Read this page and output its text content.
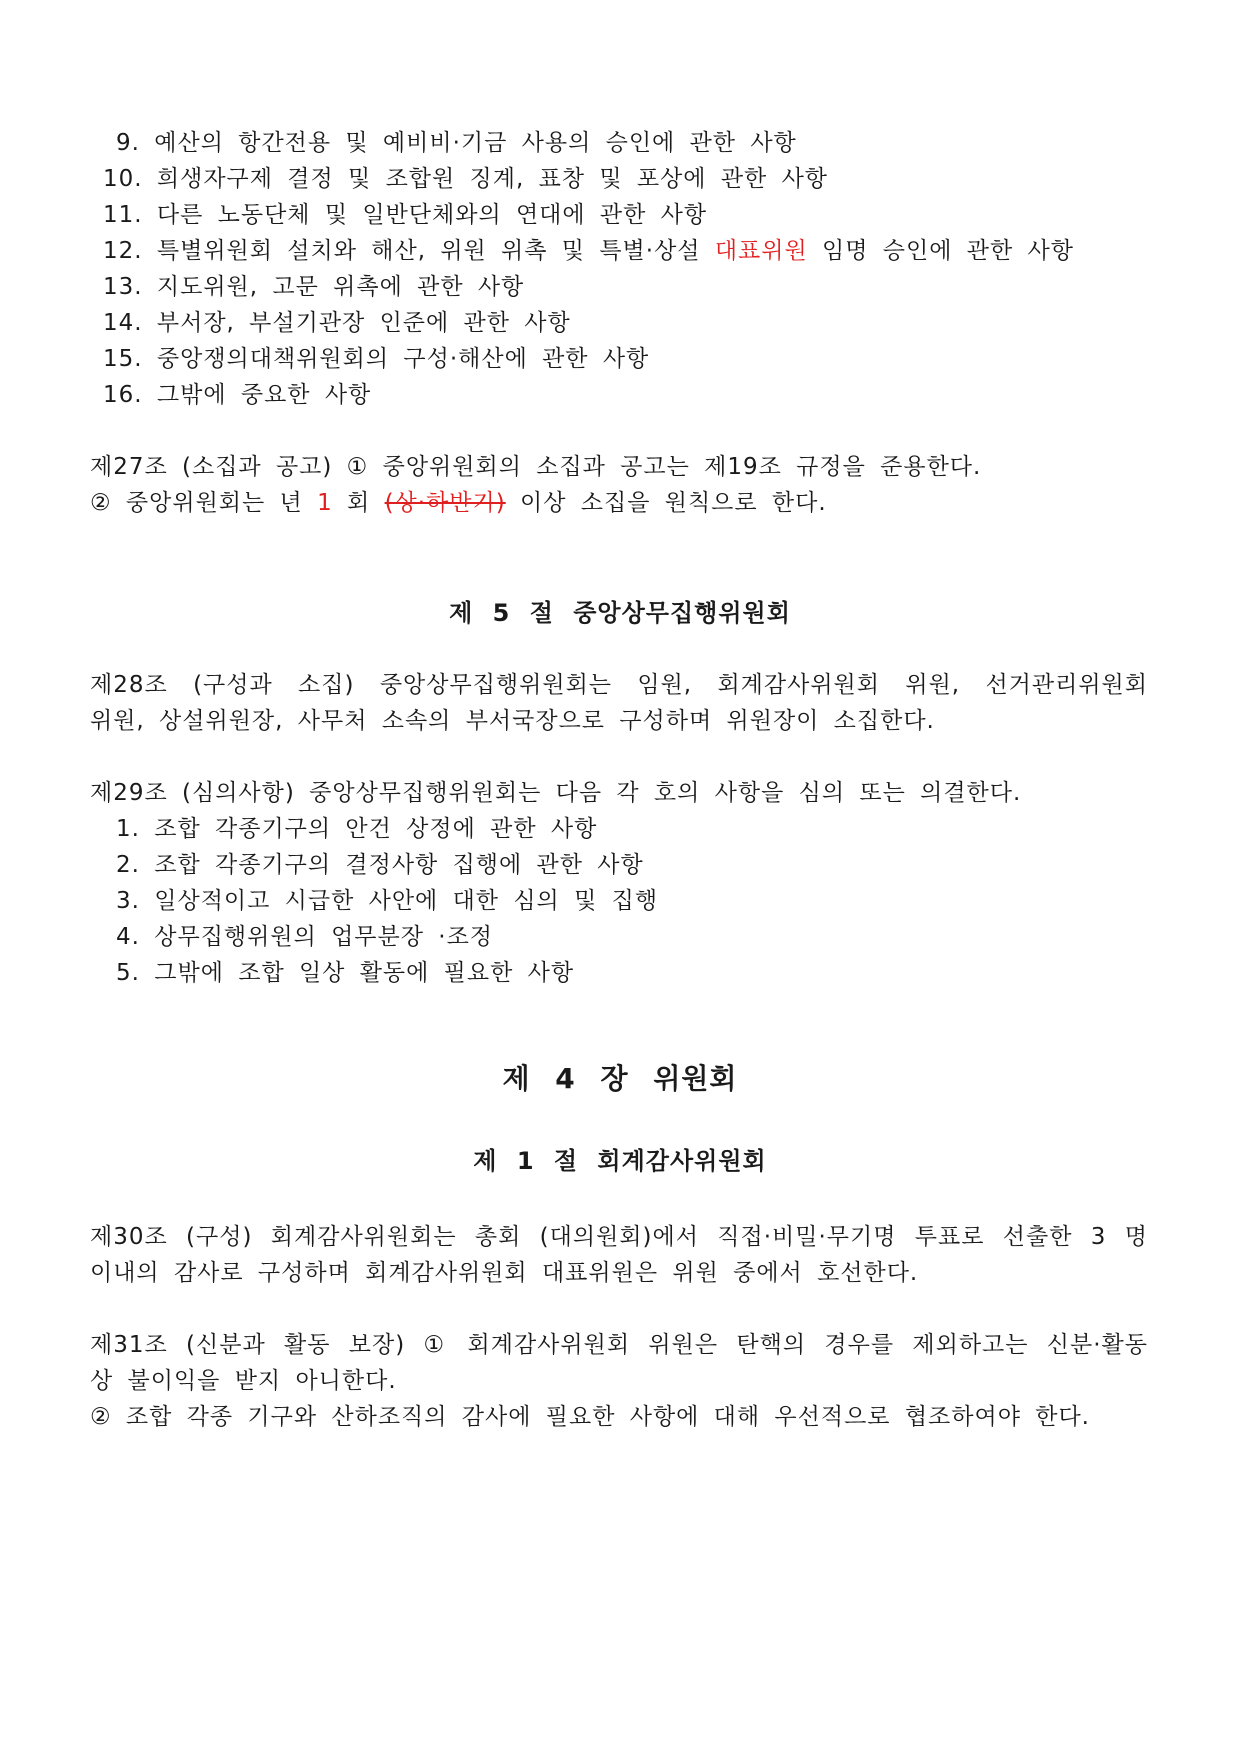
9. 예산의 항간전용 및 예비비·기금 사용의 승인에 관한 사항
10. 희생자구제 결정 및 조합원 징계, 표창 및 포상에 관한 사항
11. 다른 노동단체 및 일반단체와의 연대에 관한 사항
12. 특별위원회 설치와 해산, 위원 위촉 및 특별·상설 대표위원 임명 승인에 관한 사항
13. 지도위원, 고문 위촉에 관한 사항
14. 부서장, 부설기관장 인준에 관한 사항
15. 중앙쟁의대책위원회의 구성·해산에 관한 사항
16. 그밖에 중요한 사항
제27조 (소집과 공고) ① 중앙위원회의 소집과 공고는 제19조 규정을 준용한다.
② 중앙위원회는 년 1 회 (상·하반기) 이상 소집을 원칙으로 한다.
제 5 절 중앙상무집행위원회
제28조 (구성과 소집) 중앙상무집행위원회는 임원, 회계감사위원회 위원, 선거관리위원회
위원, 상설위원장, 사무처 소속의 부서국장으로 구성하며 위원장이 소집한다.
제29조 (심의사항) 중앙상무집행위원회는 다음 각 호의 사항을 심의 또는 의결한다.
1. 조합 각종기구의 안건 상정에 관한 사항
2. 조합 각종기구의 결정사항 집행에 관한 사항
3. 일상적이고 시급한 사안에 대한 심의 및 집행
4. 상무집행위원의 업무분장 ·조정
5. 그밖에 조합 일상 활동에 필요한 사항
제 4 장 위원회
제 1 절 회계감사위원회
제30조 (구성) 회계감사위원회는 총회 (대의원회)에서 직접·비밀·무기명 투표로 선출한 3 명
이내의 감사로 구성하며 회계감사위원회 대표위원은 위원 중에서 호선한다.
제31조 (신분과 활동 보장) ① 회계감사위원회 위원은 탄핵의 경우를 제외하고는 신분·활동
상 불이익을 받지 아니한다.
② 조합 각종 기구와 산하조직의 감사에 필요한 사항에 대해 우선적으로 협조하여야 한다.
